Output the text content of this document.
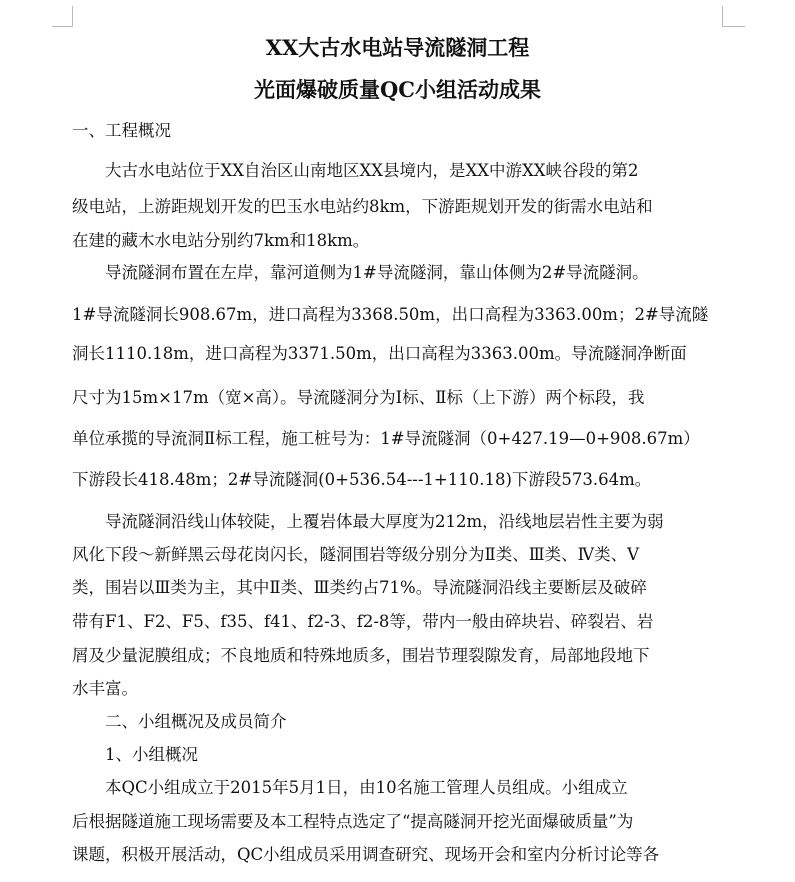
XX大古水电站导流隧洞工程
光面爆破质量QC小组活动成果
一、工程概况
　　大古水电站位于XX自治区山南地区XX县境内，是XX中游XX峡谷段的第2
级电站，上游距规划开发的巴玉水电站约8km，下游距规划开发的街需水电站和
在建的藏木水电站分别约7km和18km。
　　导流隧洞布置在左岸，靠河道侧为1#导流隧洞，靠山体侧为2#导流隧洞。
1#导流隧洞长908.67m，进口高程为3368.50m，出口高程为3363.00m；2#导流隧
洞长1110.18m，进口高程为3371.50m，出口高程为3363.00m。导流隧洞净断面
尺寸为15m×17m（宽×高）。导流隧洞分为Ⅰ标、Ⅱ标（上下游）两个标段，我
单位承揽的导流洞Ⅱ标工程，施工桩号为：1#导流隧洞（0+427.19—0+908.67m）
下游段长418.48m；2#导流隧洞(0+536.54---1+110.18)下游段573.64m。
　　导流隧洞沿线山体较陡，上覆岩体最大厚度为212m，沿线地层岩性主要为弱
风化下段～新鲜黑云母花岗闪长，隧洞围岩等级分别分为Ⅱ类、Ⅲ类、Ⅳ类、Ⅴ
类，围岩以Ⅲ类为主，其中Ⅱ类、Ⅲ类约占71%。导流隧洞沿线主要断层及破碎
带有F1、F2、F5、f35、f41、f2-3、f2-8等，带内一般由碎块岩、碎裂岩、岩
屑及少量泥膜组成；不良地质和特殊地质多，围岩节理裂隙发育，局部地段地下
水丰富。
　　二、小组概况及成员简介
　　1、小组概况
　　本QC小组成立于2015年5月1日，由10名施工管理人员组成。小组成立
后根据隧道施工现场需要及本工程特点选定了“提高隧洞开挖光面爆破质量”为
课题，积极开展活动，QC小组成员采用调查研究、现场开会和室内分析讨论等各
